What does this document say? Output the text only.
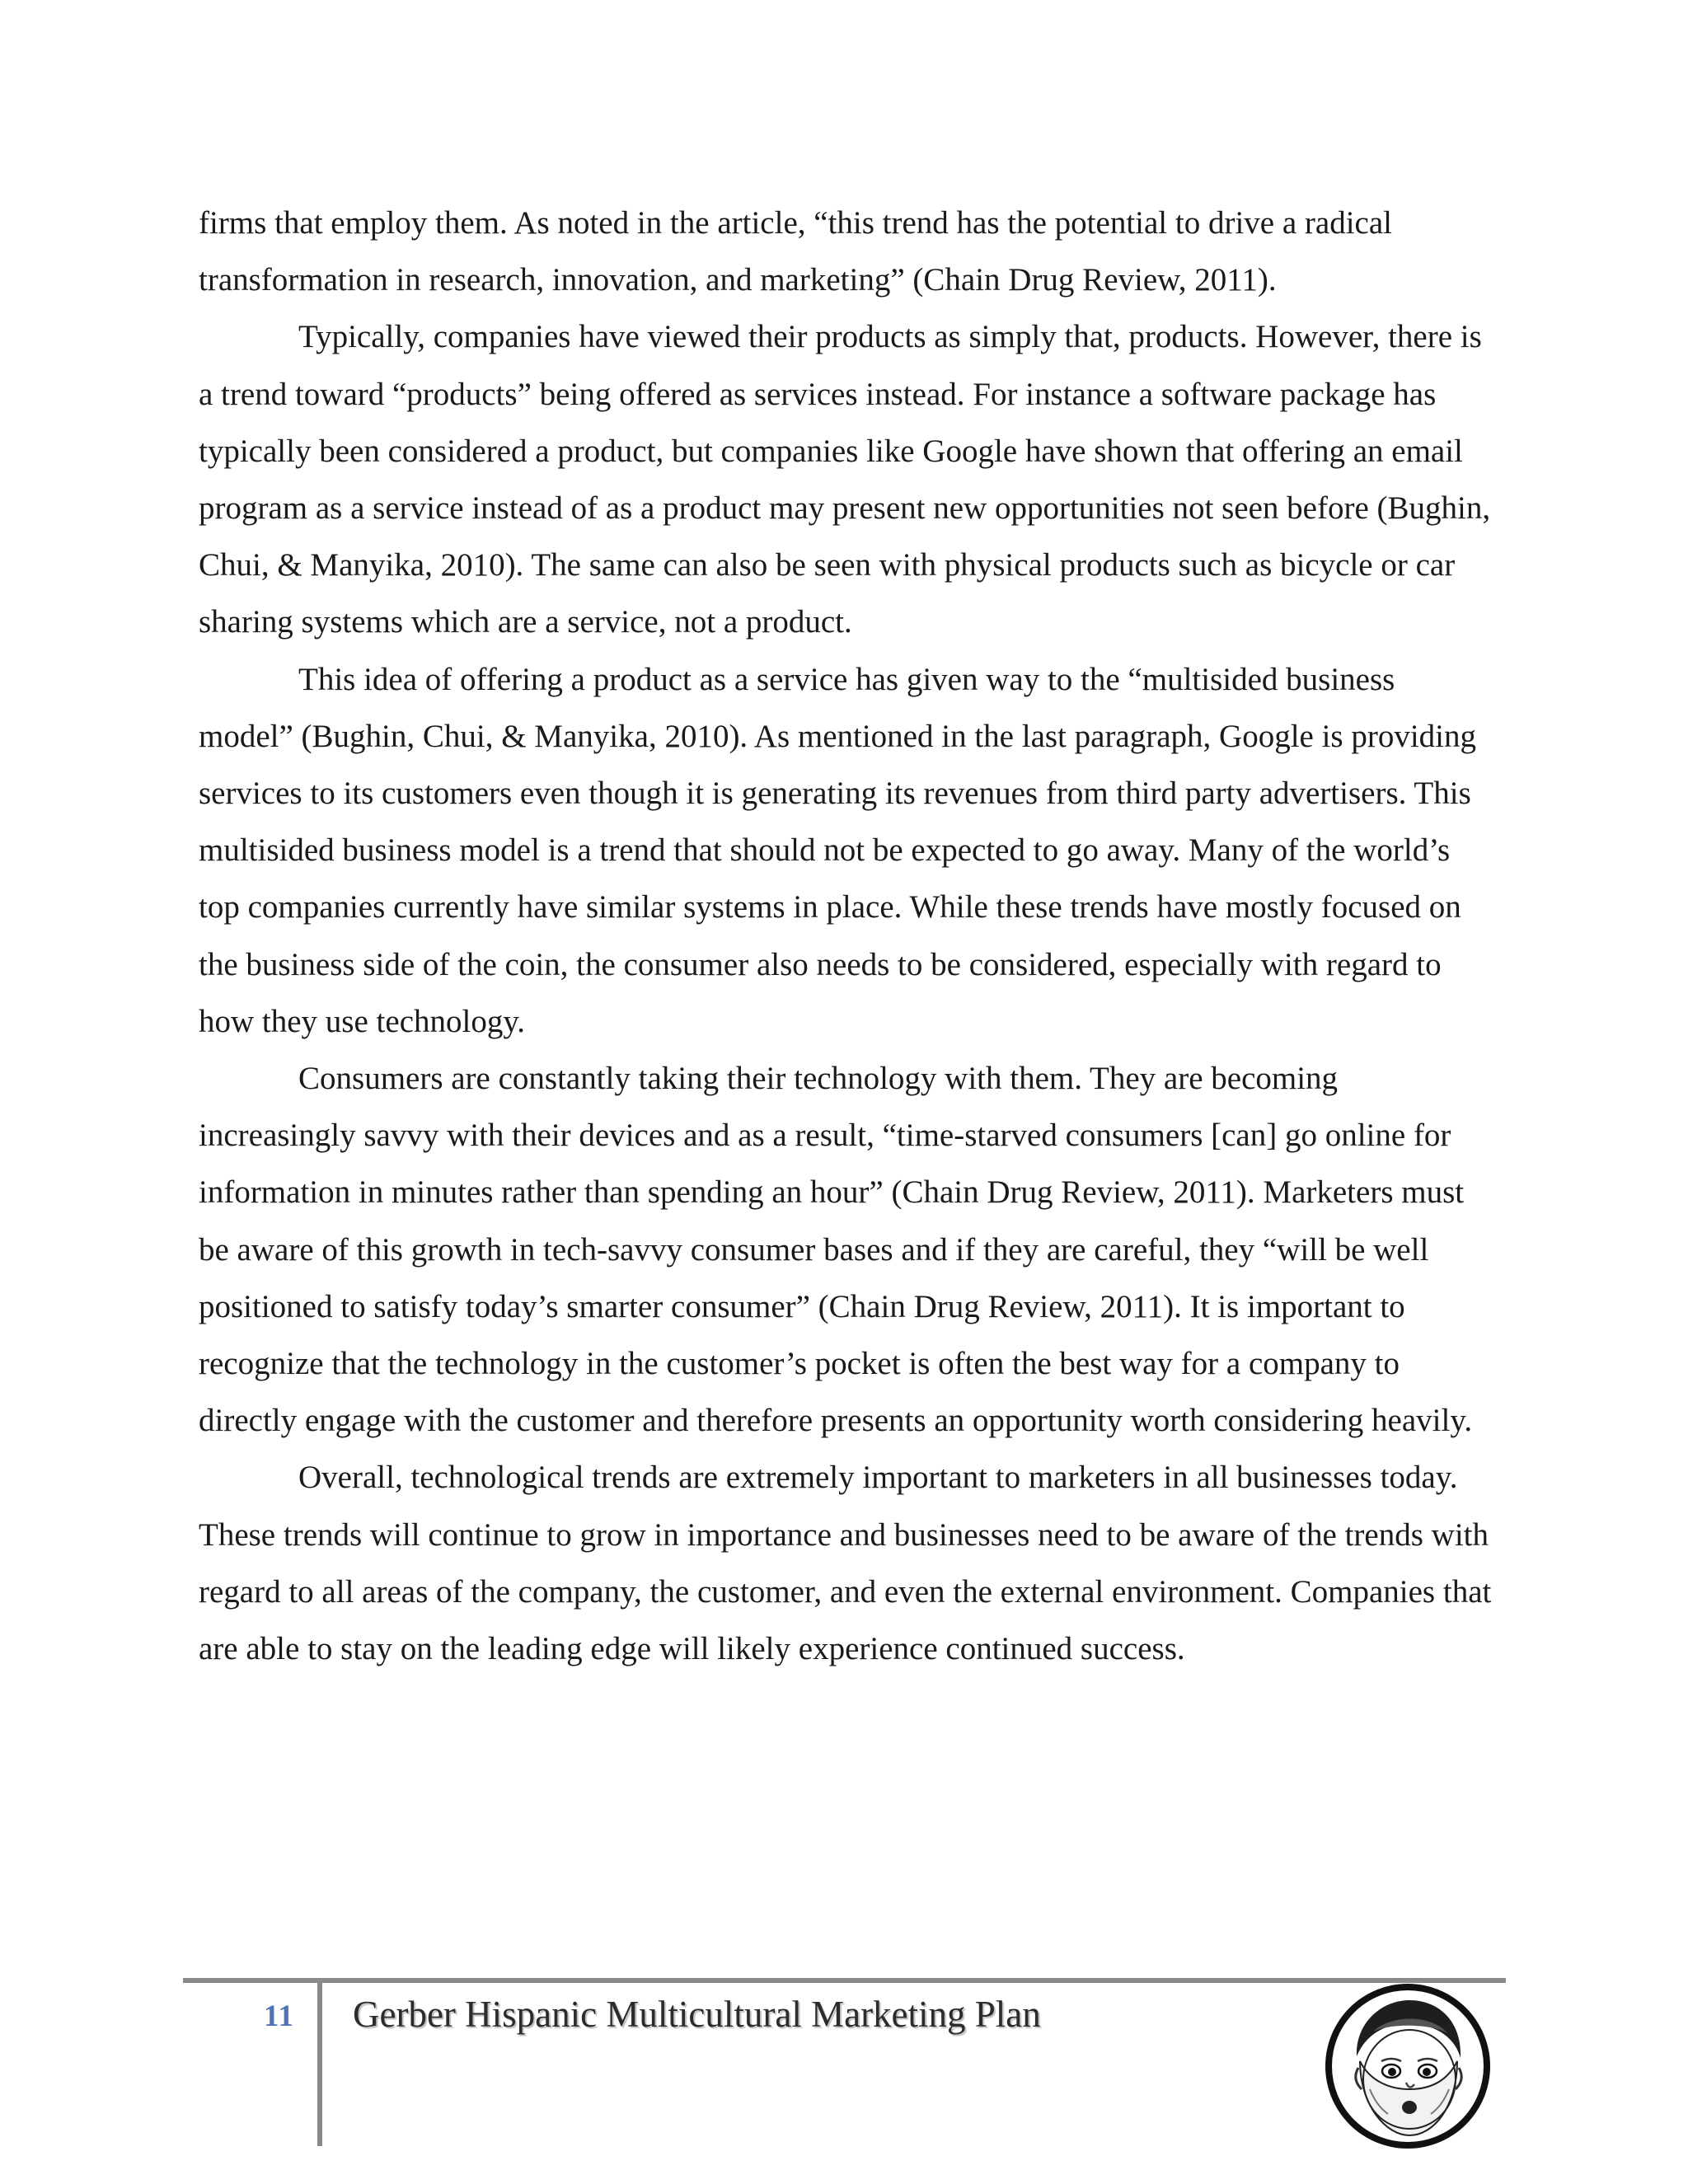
firms that employ them. As noted in the article, “this trend has the potential to drive a radical transformation in research, innovation, and marketing” (Chain Drug Review, 2011).

Typically, companies have viewed their products as simply that, products. However, there is a trend toward “products” being offered as services instead. For instance a software package has typically been considered a product, but companies like Google have shown that offering an email program as a service instead of as a product may present new opportunities not seen before (Bughin, Chui, & Manyika, 2010). The same can also be seen with physical products such as bicycle or car sharing systems which are a service, not a product.

This idea of offering a product as a service has given way to the “multisided business model” (Bughin, Chui, & Manyika, 2010). As mentioned in the last paragraph, Google is providing services to its customers even though it is generating its revenues from third party advertisers. This multisided business model is a trend that should not be expected to go away. Many of the world’s top companies currently have similar systems in place. While these trends have mostly focused on the business side of the coin, the consumer also needs to be considered, especially with regard to how they use technology.

Consumers are constantly taking their technology with them. They are becoming increasingly savvy with their devices and as a result, “time-starved consumers [can] go online for information in minutes rather than spending an hour” (Chain Drug Review, 2011). Marketers must be aware of this growth in tech-savvy consumer bases and if they are careful, they “will be well positioned to satisfy today’s smarter consumer” (Chain Drug Review, 2011). It is important to recognize that the technology in the customer’s pocket is often the best way for a company to directly engage with the customer and therefore presents an opportunity worth considering heavily.

Overall, technological trends are extremely important to marketers in all businesses today. These trends will continue to grow in importance and businesses need to be aware of the trends with regard to all areas of the company, the customer, and even the external environment. Companies that are able to stay on the leading edge will likely experience continued success.

11	Gerber Hispanic Multicultural Marketing Plan
